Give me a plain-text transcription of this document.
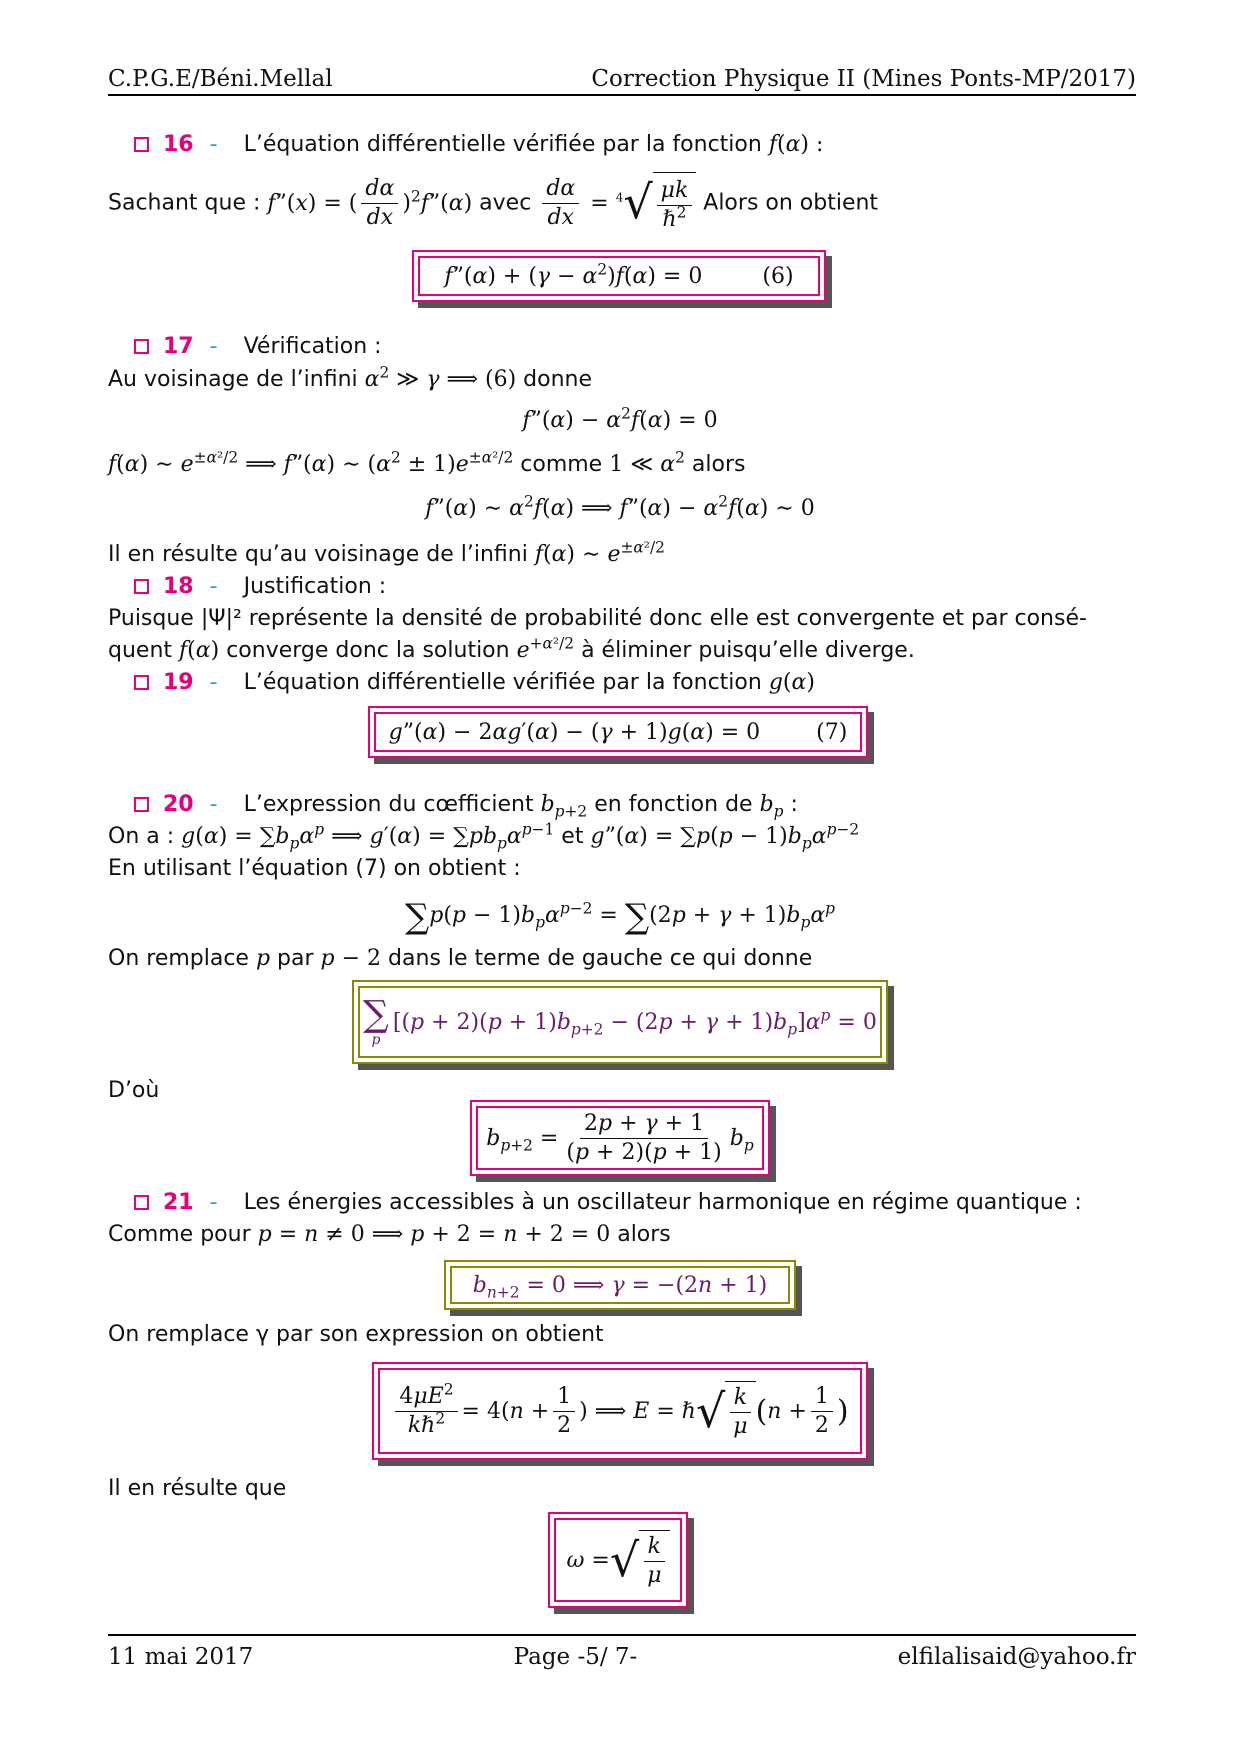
C.P.G.E/Béni.Mellal	Correction Physique II (Mines Ponts-MP/2017)
16 - L’équation différentielle vérifiée par la fonction f(α) :
Sachant que : f”(x) = ( $\frac{d\alpha}{dx}$ )$^2$f”(α) avec $\frac{d\alpha}{dx} = ^4$ √ $\frac{\mu k}{\hbar^2}$ Alors on obtient
f”(α) + $(\gamma - \alpha^2)f(\alpha) = 0$	(6)
17 - Vérification :
Au voisinage de l’infini $\alpha^2$ ≫ γ ⟹ (6) donne
f”(α) − $\alpha^2f(\alpha) = 0$
f(α) ∼ $e^{\pm\alpha^2/2}$ ⟹ f”(α) ∼ $(\alpha^2 \pm 1)e^{\pm\alpha^2/2}$ comme 1 ≪ $\alpha^2$ alors
f”(α) ∼ $\alpha^2f(\alpha)$ ⟹ f”(α) − $\alpha^2f(\alpha)$ ∼ 0
Il en résulte qu’au voisinage de l’infini f(α) ∼ $e^{\pm\alpha^2/2}$
18 - Justification :
Puisque |Ψ|² représente la densité de probabilité donc elle est convergente et par consé-
quent f(α) converge donc la solution $e^{+\alpha^2/2}$ à éliminer puisqu’elle diverge.
19 - L’équation différentielle vérifiée par la fonction g(α)
g”(α) − 2αg′(α) − (γ + 1)g(α) = 0	(7)
20 - L’expression du cœfficient $b_{p+2}$ en fonction de $b_p$ :
On a : $g(\alpha) = \sum b_p\alpha^p$ ⟹ $g'(\alpha) = \sum pb_p\alpha^{p-1}$ et g”(α) = $\sum p(p - 1)b_p\alpha^{p-2}$
En utilisant l’équation (7) on obtient :
$\sum p(p - 1)b_p\alpha^{p-2} = \sum(2p + \gamma + 1)b_p\alpha^p$
On remplace p par p − 2 dans le terme de gauche ce qui donne
∑
p
$[(p + 2)(p + 1)b_{p+2} - (2p + \gamma + 1)b_p]\alpha^p = 0$
D’où
$b_{p+2} = \frac{2p + \gamma + 1}{(p + 2)(p + 1)} b_p$
21 - Les énergies accessibles à un oscillateur harmonique en régime quantique :
Comme pour p = n ≠ 0 ⟹ p + 2 = n + 2 = 0 alors
$b_{n+2} = 0$ ⟹ γ = −(2n + 1)
On remplace γ par son expression on obtient
$\frac{4\mu E^2}{k\hbar^2} = 4(n + \frac{1}{2}$ ) ⟹ E = ℏ √ $\frac{k}{\mu}$ ( $n + \frac{1}{2}$ )
Il en résulte que
ω = √ $\frac{k}{\mu}$
11 mai 2017	Page -5/ 7-	elfilalisaid@yahoo.fr
